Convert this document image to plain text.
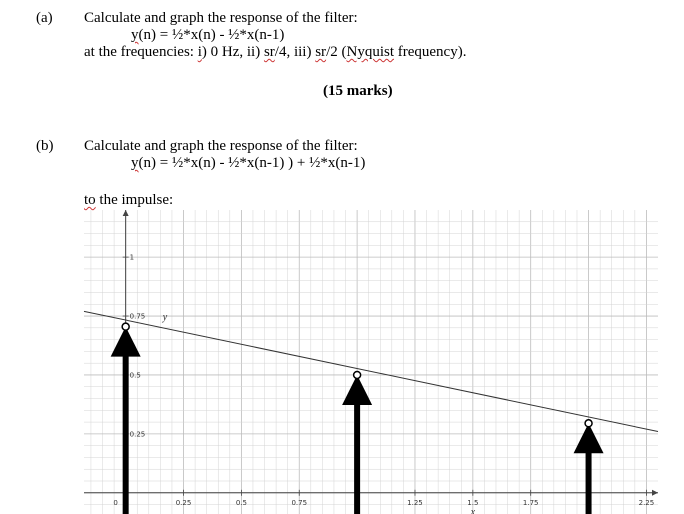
(a) Calculate and graph the response of the filter:
y(n) = ½*x(n) - ½*x(n-1)
at the frequencies: i) 0 Hz, ii) sr/4, iii) sr/2 (Nyquist frequency).
(15 marks)
(b) Calculate and graph the response of the filter:
y(n) = ½*x(n) - ½*x(n-1) ) + ½*x(n-1)
to the impulse:
0.25	0.5	0.75	1.25	1.5	1.75	2.25
0.25
0.5
0.75
1
0
x
y
